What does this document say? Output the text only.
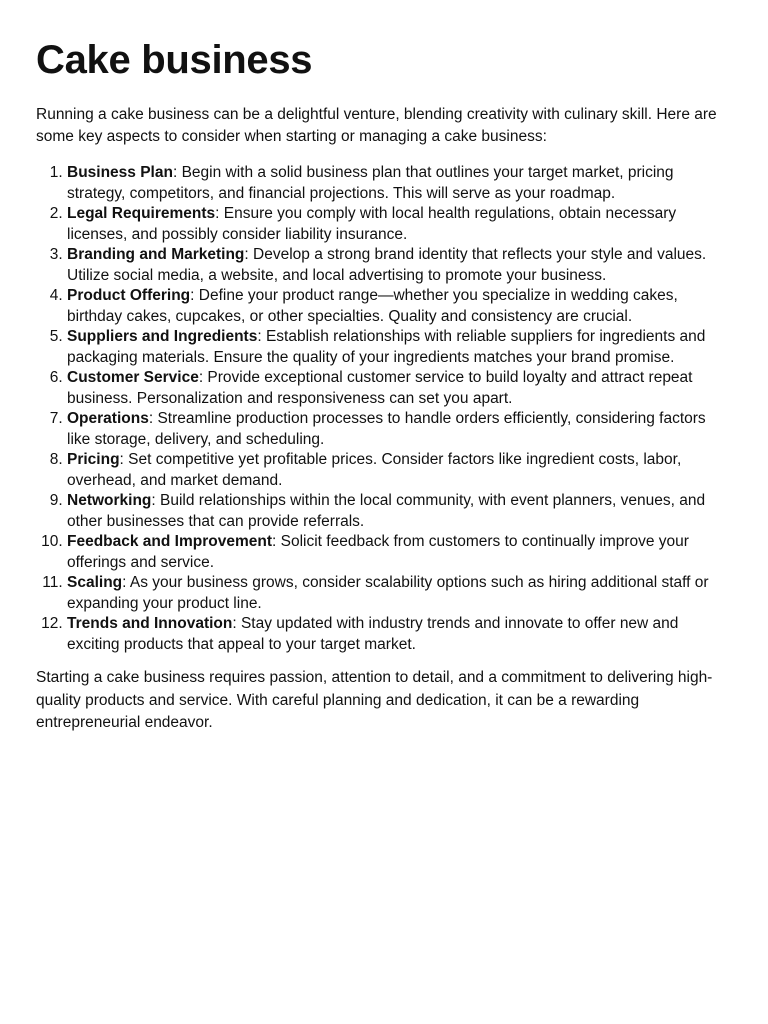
Cake business

Running a cake business can be a delightful venture, blending creativity with culinary skill. Here are some key aspects to consider when starting or managing a cake business:

1. Business Plan: Begin with a solid business plan that outlines your target market, pricing strategy, competitors, and financial projections. This will serve as your roadmap.
2. Legal Requirements: Ensure you comply with local health regulations, obtain necessary licenses, and possibly consider liability insurance.
3. Branding and Marketing: Develop a strong brand identity that reflects your style and values. Utilize social media, a website, and local advertising to promote your business.
4. Product Offering: Define your product range—whether you specialize in wedding cakes, birthday cakes, cupcakes, or other specialties. Quality and consistency are crucial.
5. Suppliers and Ingredients: Establish relationships with reliable suppliers for ingredients and packaging materials. Ensure the quality of your ingredients matches your brand promise.
6. Customer Service: Provide exceptional customer service to build loyalty and attract repeat business. Personalization and responsiveness can set you apart.
7. Operations: Streamline production processes to handle orders efficiently, considering factors like storage, delivery, and scheduling.
8. Pricing: Set competitive yet profitable prices. Consider factors like ingredient costs, labor, overhead, and market demand.
9. Networking: Build relationships within the local community, with event planners, venues, and other businesses that can provide referrals.
10. Feedback and Improvement: Solicit feedback from customers to continually improve your offerings and service.
11. Scaling: As your business grows, consider scalability options such as hiring additional staff or expanding your product line.
12. Trends and Innovation: Stay updated with industry trends and innovate to offer new and exciting products that appeal to your target market.

Starting a cake business requires passion, attention to detail, and a commitment to delivering high-quality products and service. With careful planning and dedication, it can be a rewarding entrepreneurial endeavor.
